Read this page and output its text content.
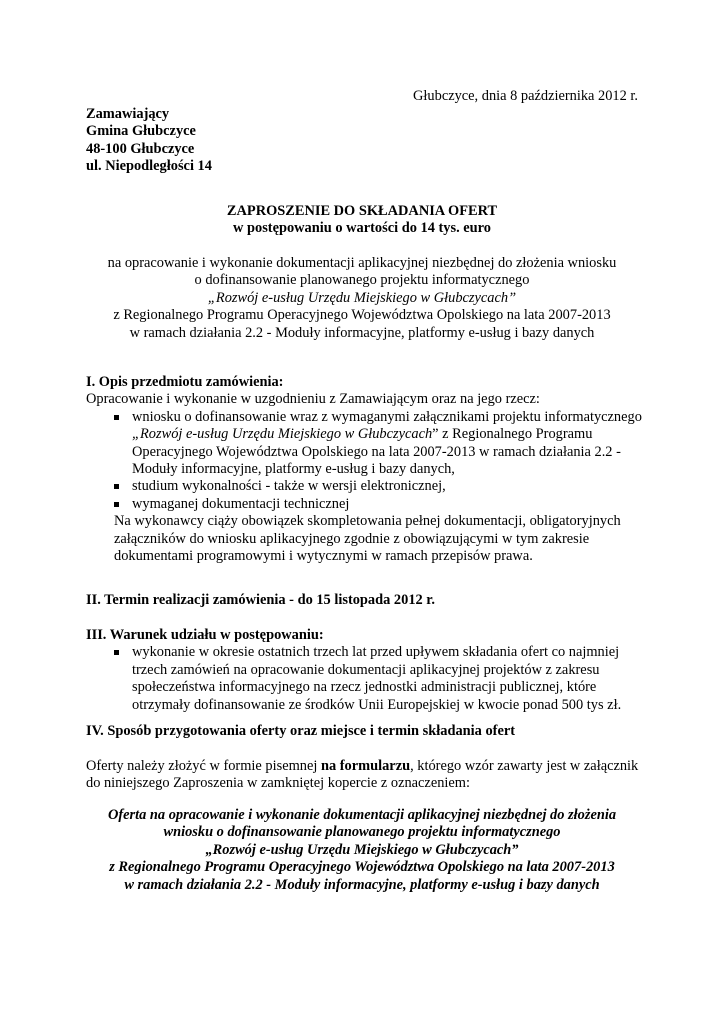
Głubczyce, dnia 8 października 2012 r.
Zamawiający
Gmina Głubczyce
48-100 Głubczyce
ul. Niepodległości 14
ZAPROSZENIE DO SKŁADANIA OFERT
w postępowaniu o wartości do 14 tys. euro
na opracowanie i wykonanie dokumentacji aplikacyjnej niezbędnej do złożenia wniosku
o dofinansowanie planowanego projektu informatycznego
„Rozwój e-usług Urzędu Miejskiego w Głubczycach”
z Regionalnego Programu Operacyjnego Województwa Opolskiego na lata 2007-2013
w ramach działania 2.2 - Moduły informacyjne, platformy e-usług i bazy danych
I. Opis przedmiotu zamówienia:
Opracowanie i wykonanie w uzgodnieniu z Zamawiającym oraz na jego rzecz:
wniosku o dofinansowanie wraz z wymaganymi załącznikami projektu informatycznego „Rozwój e-usług Urzędu Miejskiego w Głubczycach” z Regionalnego Programu Operacyjnego Województwa Opolskiego na lata 2007-2013 w ramach działania 2.2 - Moduły informacyjne, platformy e-usług i bazy danych,
studium wykonalności - także w wersji elektronicznej,
wymaganej dokumentacji technicznej
Na wykonawcy ciąży obowiązek skompletowania pełnej dokumentacji, obligatoryjnych załączników do wniosku aplikacyjnego zgodnie z obowiązującymi w tym zakresie dokumentami programowymi i wytycznymi w ramach przepisów prawa.
II. Termin realizacji zamówienia - do 15 listopada 2012 r.
III. Warunek udziału w postępowaniu:
wykonanie w okresie ostatnich trzech lat przed upływem składania ofert co najmniej trzech zamówień na opracowanie dokumentacji aplikacyjnej projektów z zakresu społeczeństwa informacyjnego na rzecz jednostki administracji publicznej, które otrzymały dofinansowanie ze środków Unii Europejskiej w kwocie ponad 500 tys zł.
IV. Sposób przygotowania oferty oraz miejsce i termin składania ofert
Oferty należy złożyć w formie pisemnej na formularzu, którego wzór zawarty jest w załącznik do niniejszego Zaproszenia w zamkniętej kopercie z oznaczeniem:
Oferta na opracowanie i wykonanie dokumentacji aplikacyjnej niezbędnej do złożenia
wniosku o dofinansowanie planowanego projektu informatycznego
„Rozwój e-usług Urzędu Miejskiego w Głubczycach”
z Regionalnego Programu Operacyjnego Województwa Opolskiego na lata 2007-2013
w ramach działania 2.2 - Moduły informacyjne, platformy e-usług i bazy danych
